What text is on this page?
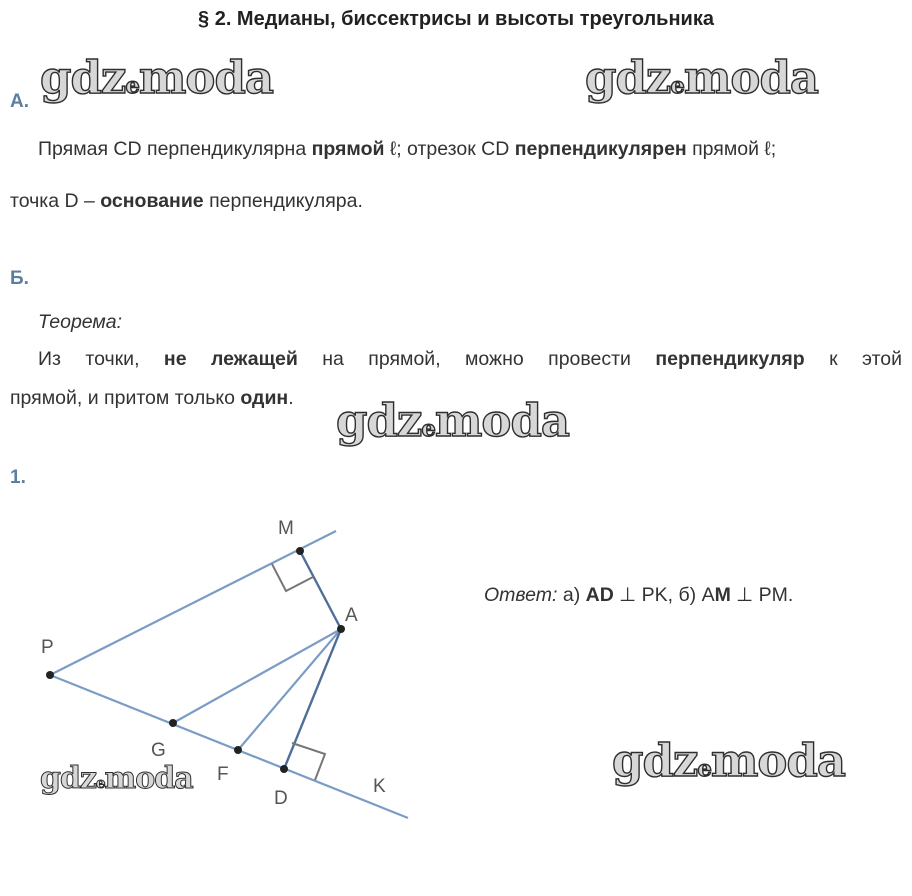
§ 2. Медианы, биссектрисы и высоты треугольника
gdzemoda	gdzemoda
gdzemoda
gdzemoda
gdzemoda
А.

Прямая CD перпендикулярна прямой ℓ; отрезок CD перпендикулярен прямой ℓ;

точка D – основание перпендикуляра.

Б.

Теорема:

Из точки, не лежащей на прямой, можно провести перпендикуляр к этой

прямой, и притом только один.

1.

Ответ: а) AD ⊥ PK, б) AM ⊥ PM.

M
A
P
G
F
D
K
